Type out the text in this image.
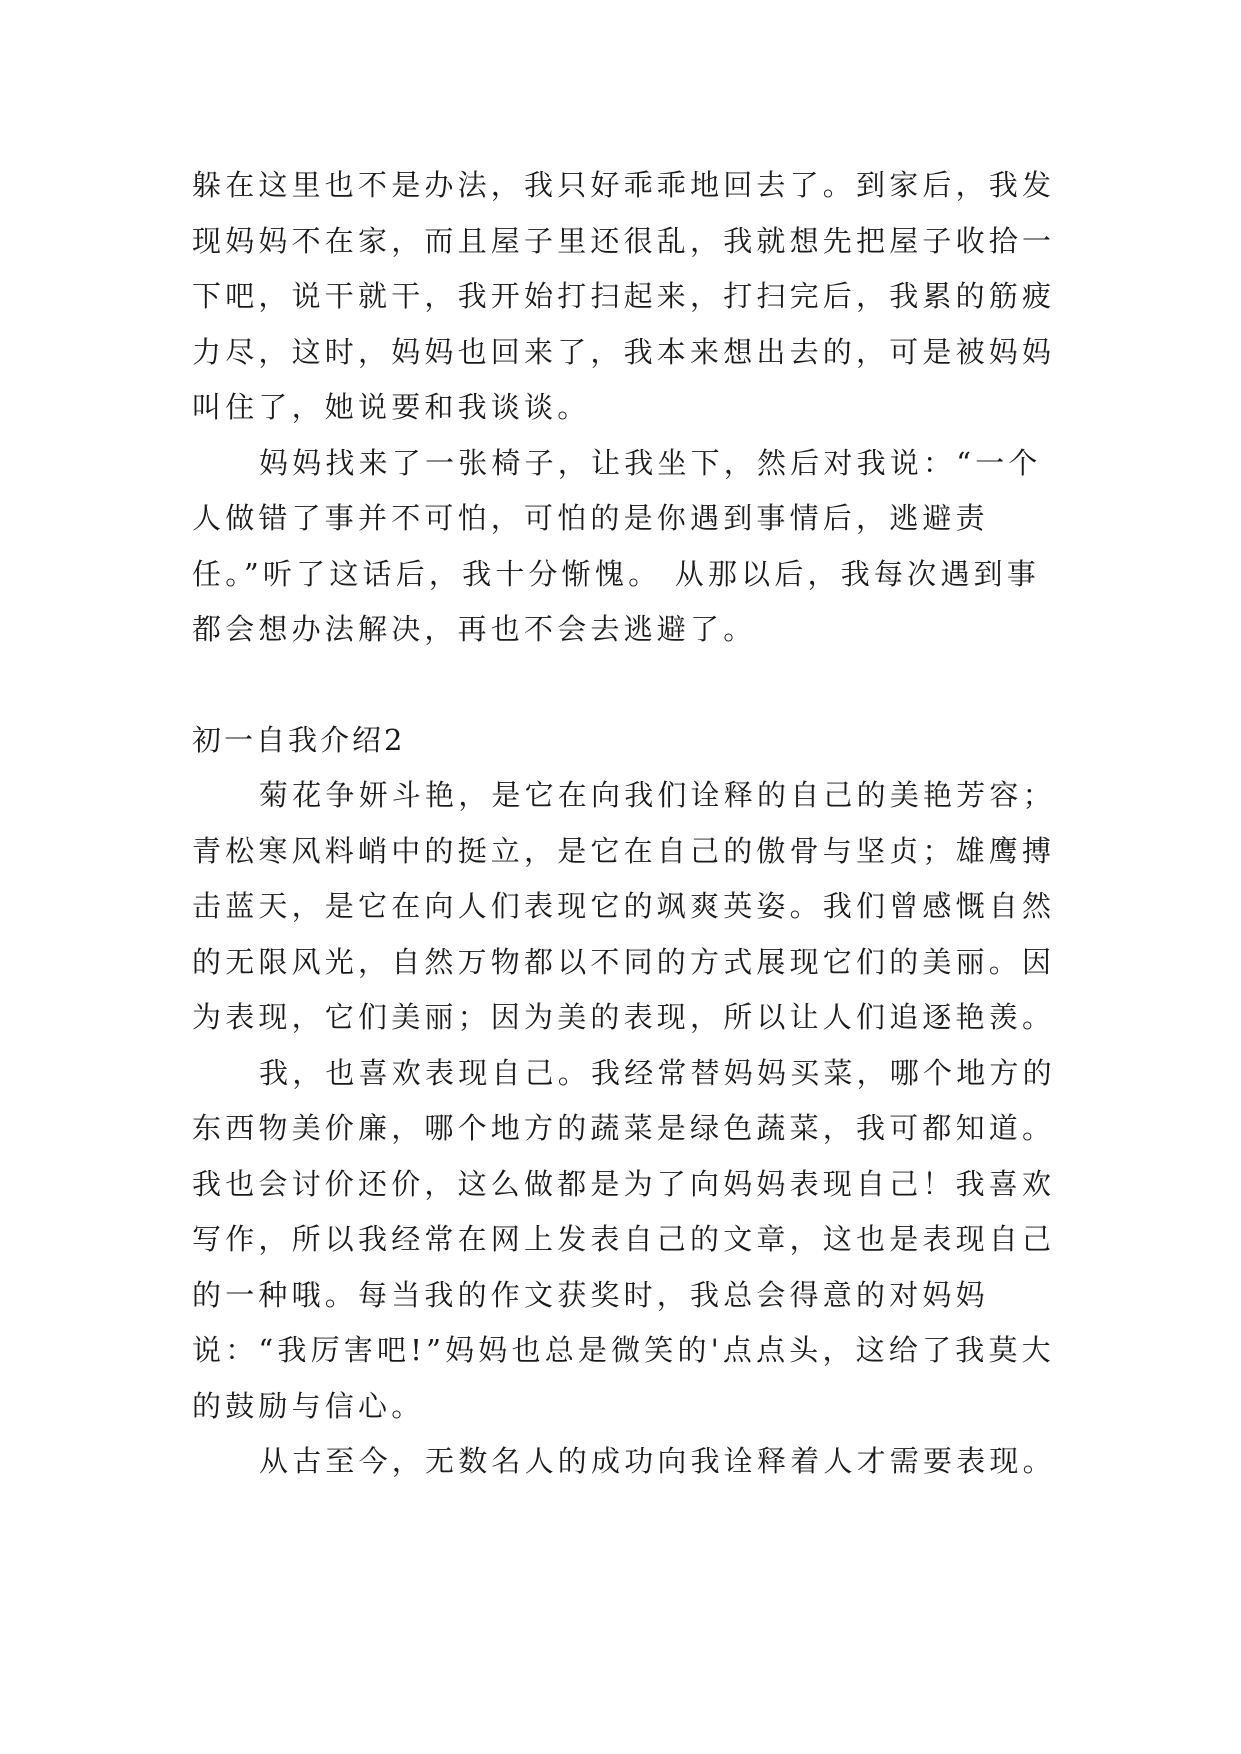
躲在这里也不是办法，我只好乖乖地回去了。到家后，我发现妈妈不在家，而且屋子里还很乱，我就想先把屋子收拾一下吧，说干就干，我开始打扫起来，打扫完后，我累的筋疲力尽，这时，妈妈也回来了，我本来想出去的，可是被妈妈叫住了，她说要和我谈谈。

妈妈找来了一张椅子，让我坐下，然后对我说：“一个人做错了事并不可怕，可怕的是你遇到事情后，逃避责任。”听了这话后，我十分惭愧。 从那以后，我每次遇到事都会想办法解决，再也不会去逃避了。

初一自我介绍2

菊花争妍斗艳，是它在向我们诠释的自己的美艳芳容；青松寒风料峭中的挺立，是它在自己的傲骨与坚贞；雄鹰搏击蓝天，是它在向人们表现它的飒爽英姿。我们曾感慨自然的无限风光，自然万物都以不同的方式展现它们的美丽。因为表现，它们美丽；因为美的表现，所以让人们追逐艳羡。

我，也喜欢表现自己。我经常替妈妈买菜，哪个地方的东西物美价廉，哪个地方的蔬菜是绿色蔬菜，我可都知道。我也会讨价还价，这么做都是为了向妈妈表现自己！我喜欢写作，所以我经常在网上发表自己的文章，这也是表现自己的一种哦。每当我的作文获奖时，我总会得意的对妈妈说：“我厉害吧!”妈妈也总是微笑的'点点头，这给了我莫大的鼓励与信心。

从古至今，无数名人的成功向我诠释着人才需要表现。
